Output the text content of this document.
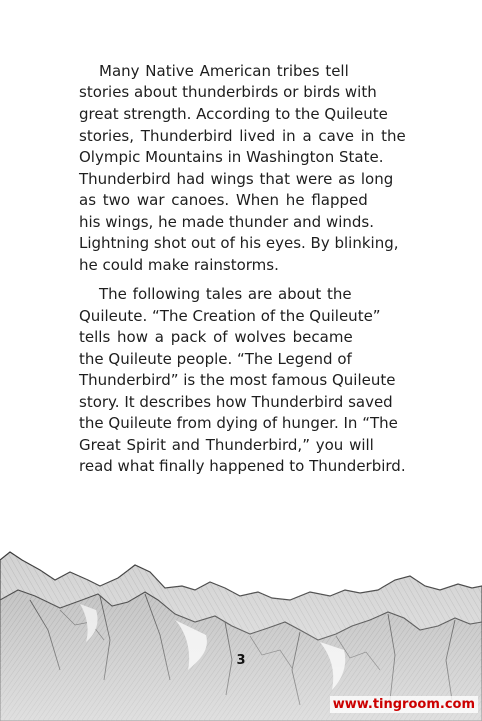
Many Native American tribes tell
stories about thunderbirds or birds with
great strength. According to the Quileute
stories, Thunderbird lived in a cave in the
Olympic Mountains in Washington State.
Thunderbird had wings that were as long
as two war canoes. When he flapped
his wings, he made thunder and winds.
Lightning shot out of his eyes. By blinking,
he could make rainstorms.
The following tales are about the
Quileute. “The Creation of the Quileute”
tells how a pack of wolves became
the Quileute people. “The Legend of
Thunderbird” is the most famous Quileute
story. It describes how Thunderbird saved
the Quileute from dying of hunger. In “The
Great Spirit and Thunderbird,” you will
read what finally happened to Thunderbird.
3
www.tingroom.com
